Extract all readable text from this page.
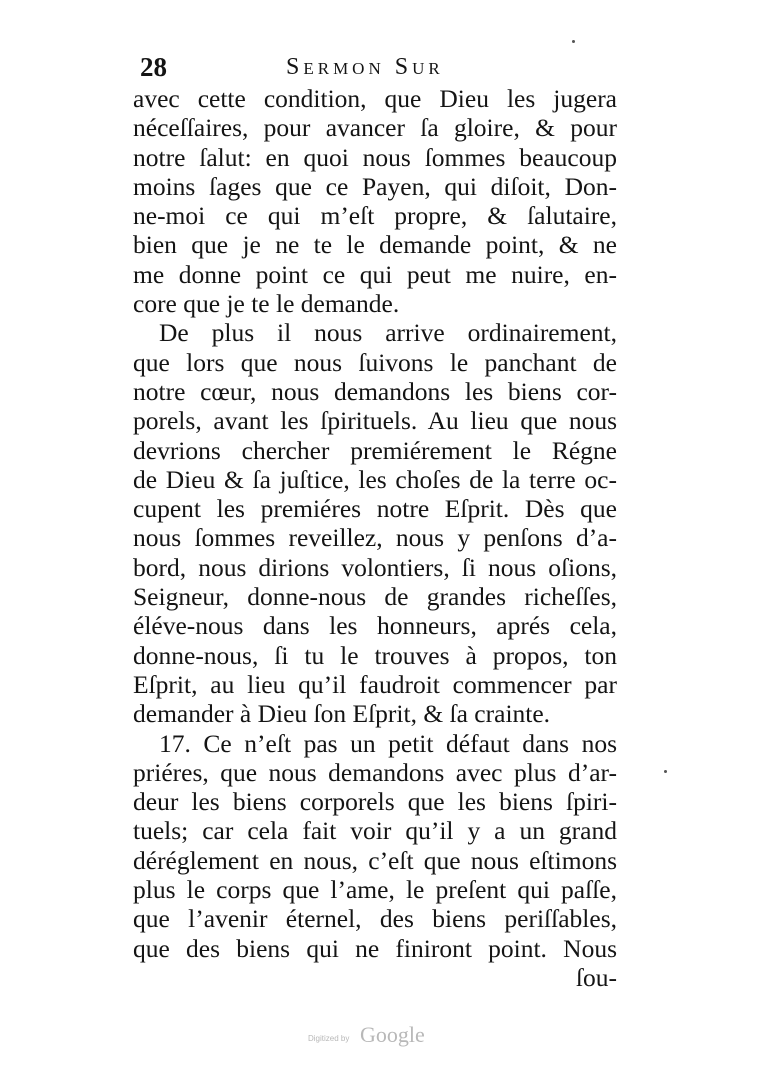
28	Sermon Sur
avec cette condition, que Dieu les jugera
néceſſaires, pour avancer ſa gloire, & pour
notre ſalut: en quoi nous ſommes beaucoup
moins ſages que ce Payen, qui diſoit, Don-
ne-moi ce qui m’eſt propre, & ſalutaire,
bien que je ne te le demande point, & ne
me donne point ce qui peut me nuire, en-
core que je te le demande.
De plus il nous arrive ordinairement,
que lors que nous ſuivons le panchant de
notre cœur, nous demandons les biens cor-
porels, avant les ſpirituels. Au lieu que nous
devrions chercher premiérement le Régne
de Dieu & ſa juſtice, les choſes de la terre oc-
cupent les premiéres notre Eſprit. Dès que
nous ſommes reveillez, nous y penſons d’a-
bord, nous dirions volontiers, ſi nous oſions,
Seigneur, donne-nous de grandes richeſſes,
éléve-nous dans les honneurs, aprés cela,
donne-nous, ſi tu le trouves à propos, ton
Eſprit, au lieu qu’il faudroit commencer par
demander à Dieu ſon Eſprit, & ſa crainte.
17. Ce n’eſt pas un petit défaut dans nos
priéres, que nous demandons avec plus d’ar-
deur les biens corporels que les biens ſpiri-
tuels; car cela fait voir qu’il y a un grand
déréglement en nous, c’eſt que nous eſtimons
plus le corps que l’ame, le preſent qui paſſe,
que l’avenir éternel, des biens periſſables,
que des biens qui ne finiront point. Nous
ſou-
Digitized by Google
